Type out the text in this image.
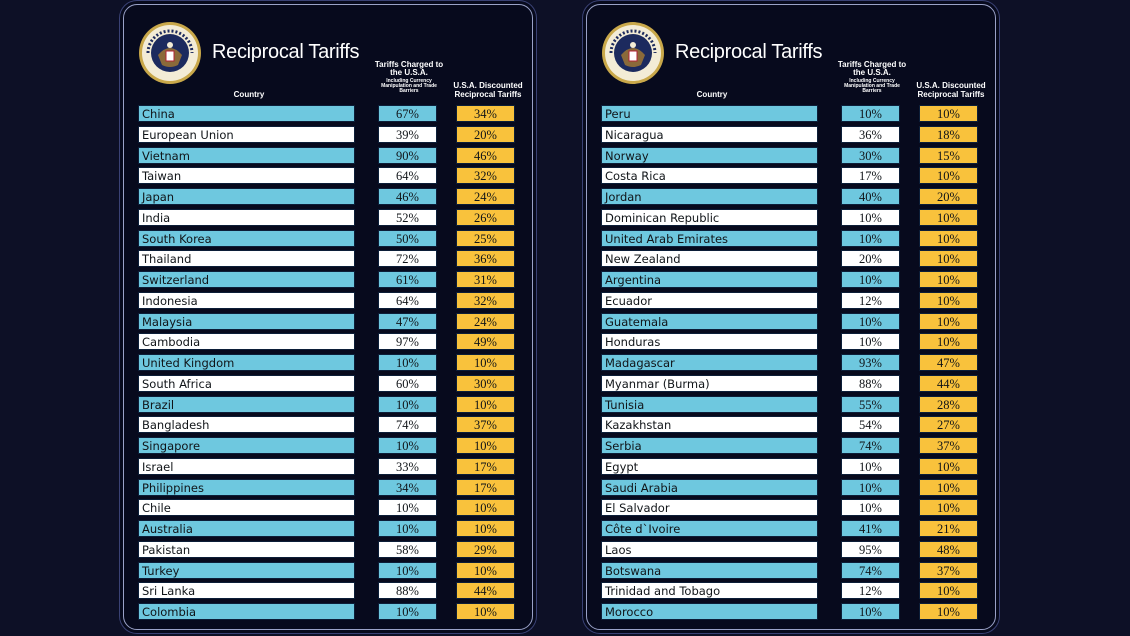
Reciprocal Tariffs
Country
Tariffs Charged to the U.S.A.
Including Currency Manipulation and Trade Barriers
U.S.A. Discounted Reciprocal Tariffs
China	67%	34%
European Union	39%	20%
Vietnam	90%	46%
Taiwan	64%	32%
Japan	46%	24%
India	52%	26%
South Korea	50%	25%
Thailand	72%	36%
Switzerland	61%	31%
Indonesia	64%	32%
Malaysia	47%	24%
Cambodia	97%	49%
United Kingdom	10%	10%
South Africa	60%	30%
Brazil	10%	10%
Bangladesh	74%	37%
Singapore	10%	10%
Israel	33%	17%
Philippines	34%	17%
Chile	10%	10%
Australia	10%	10%
Pakistan	58%	29%
Turkey	10%	10%
Sri Lanka	88%	44%
Colombia	10%	10%
Reciprocal Tariffs
Country
Tariffs Charged to the U.S.A.
Including Currency Manipulation and Trade Barriers
U.S.A. Discounted Reciprocal Tariffs
Peru	10%	10%
Nicaragua	36%	18%
Norway	30%	15%
Costa Rica	17%	10%
Jordan	40%	20%
Dominican Republic	10%	10%
United Arab Emirates	10%	10%
New Zealand	20%	10%
Argentina	10%	10%
Ecuador	12%	10%
Guatemala	10%	10%
Honduras	10%	10%
Madagascar	93%	47%
Myanmar (Burma)	88%	44%
Tunisia	55%	28%
Kazakhstan	54%	27%
Serbia	74%	37%
Egypt	10%	10%
Saudi Arabia	10%	10%
El Salvador	10%	10%
Côte d`Ivoire	41%	21%
Laos	95%	48%
Botswana	74%	37%
Trinidad and Tobago	12%	10%
Morocco	10%	10%
